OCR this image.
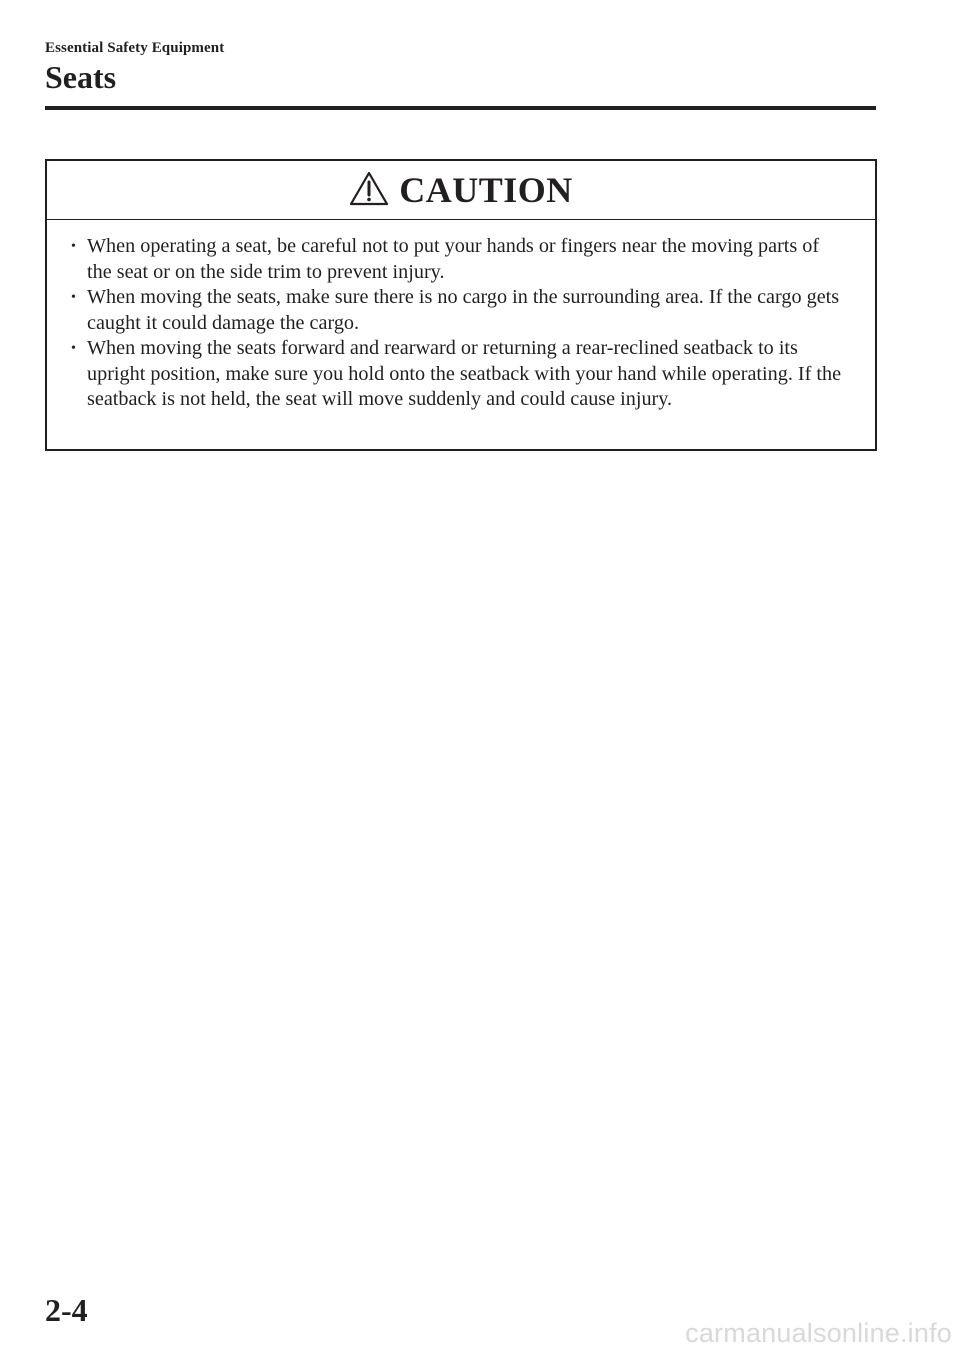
Essential Safety Equipment
Seats
CAUTION
• When operating a seat, be careful not to put your hands or fingers near the moving parts of the seat or on the side trim to prevent injury.
• When moving the seats, make sure there is no cargo in the surrounding area. If the cargo gets caught it could damage the cargo.
• When moving the seats forward and rearward or returning a rear-reclined seatback to its upright position, make sure you hold onto the seatback with your hand while operating. If the seatback is not held, the seat will move suddenly and could cause injury.
2-4
carmanualsonline.info
